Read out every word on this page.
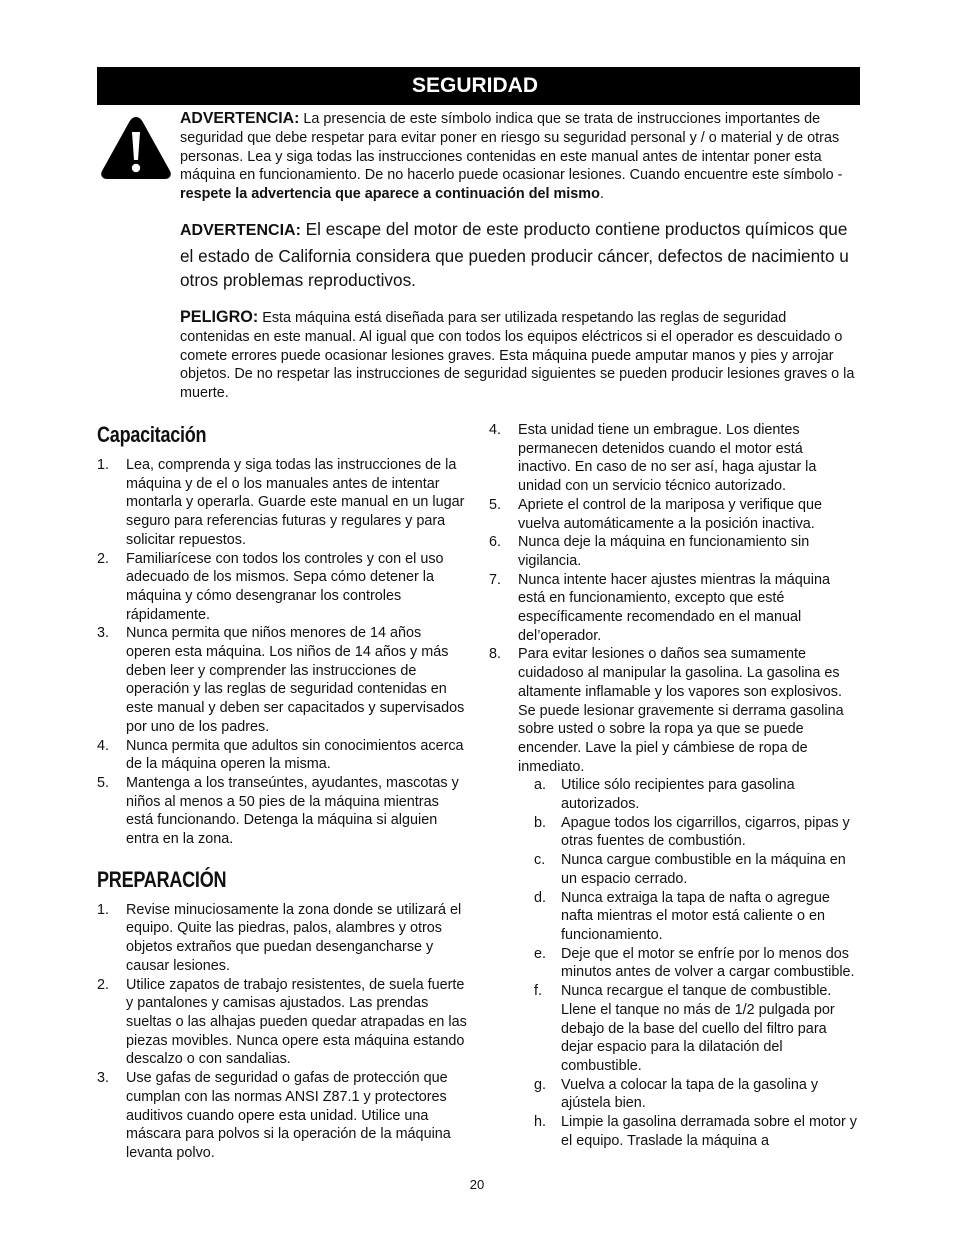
SEGURIDAD
ADVERTENCIA: La presencia de este símbolo indica que se trata de instrucciones importantes de seguridad que debe respetar para evitar poner en riesgo su seguridad personal y / o material y de otras personas. Lea y siga todas las instrucciones contenidas en este manual antes de intentar poner esta máquina en funcionamiento. De no hacerlo puede ocasionar lesiones. Cuando encuentre este símbolo - respete la advertencia que aparece a continuación del mismo.
ADVERTENCIA: El escape del motor de este producto contiene productos químicos que el estado de California considera que pueden producir cáncer, defectos de nacimiento u otros problemas reproductivos.
PELIGRO: Esta máquina está diseñada para ser utilizada respetando las reglas de seguridad contenidas en este manual. Al igual que con todos los equipos eléctricos si el operador es descuidado o comete errores puede ocasionar lesiones graves. Esta máquina puede amputar manos y pies y arrojar objetos. De no respetar las instrucciones de seguridad siguientes se pueden producir lesiones graves o la muerte.
Capacitación
1. Lea, comprenda y siga todas las instrucciones de la máquina y de el o los manuales antes de intentar montarla y operarla. Guarde este manual en un lugar seguro para referencias futuras y regulares y para solicitar repuestos.
2. Familiarícese con todos los controles y con el uso adecuado de los mismos. Sepa cómo detener la máquina y cómo desengranar los controles rápidamente.
3. Nunca permita que niños menores de 14 años operen esta máquina. Los niños de 14 años y más deben leer y comprender las instrucciones de operación y las reglas de seguridad contenidas en este manual y deben ser capacitados y supervisados por uno de los padres.
4. Nunca permita que adultos sin conocimientos acerca de la máquina operen la misma.
5. Mantenga a los transeúntes, ayudantes, mascotas y niños al menos a 50 pies de la máquina mientras está funcionando. Detenga la máquina si alguien entra en la zona.
PREPARACIÓN
1. Revise minuciosamente la zona donde se utilizará el equipo. Quite las piedras, palos, alambres y otros objetos extraños que puedan desengancharse y causar lesiones.
2. Utilice zapatos de trabajo resistentes, de suela fuerte y pantalones y camisas ajustados. Las prendas sueltas o las alhajas pueden quedar atrapadas en las piezas movibles. Nunca opere esta máquina estando descalzo o con sandalias.
3. Use gafas de seguridad o gafas de protección que cumplan con las normas ANSI Z87.1 y protectores auditivos cuando opere esta unidad. Utilice una máscara para polvos si la operación de la máquina levanta polvo.
4. Esta unidad tiene un embrague. Los dientes permanecen detenidos cuando el motor está inactivo. En caso de no ser así, haga ajustar la unidad con un servicio técnico autorizado.
5. Apriete el control de la mariposa y verifique que vuelva automáticamente a la posición inactiva.
6. Nunca deje la máquina en funcionamiento sin vigilancia.
7. Nunca intente hacer ajustes mientras la máquina está en funcionamiento, excepto que esté específicamente recomendado en el manual del’operador.
8. Para evitar lesiones o daños sea sumamente cuidadoso al manipular la gasolina. La gasolina es altamente inflamable y los vapores son explosivos. Se puede lesionar gravemente si derrama gasolina sobre usted o sobre la ropa ya que se puede encender. Lave la piel y cámbiese de ropa de inmediato.
a. Utilice sólo recipientes para gasolina autorizados.
b. Apague todos los cigarrillos, cigarros, pipas y otras fuentes de combustión.
c. Nunca cargue combustible en la máquina en un espacio cerrado.
d. Nunca extraiga la tapa de nafta o agregue nafta mientras el motor está caliente o en funcionamiento.
e. Deje que el motor se enfríe por lo menos dos minutos antes de volver a cargar combustible.
f. Nunca recargue el tanque de combustible. Llene el tanque no más de 1/2 pulgada por debajo de la base del cuello del filtro para dejar espacio para la dilatación del combustible.
g. Vuelva a colocar la tapa de la gasolina y ajústela bien.
h. Limpie la gasolina derramada sobre el motor y el equipo. Traslade la máquina a
20
